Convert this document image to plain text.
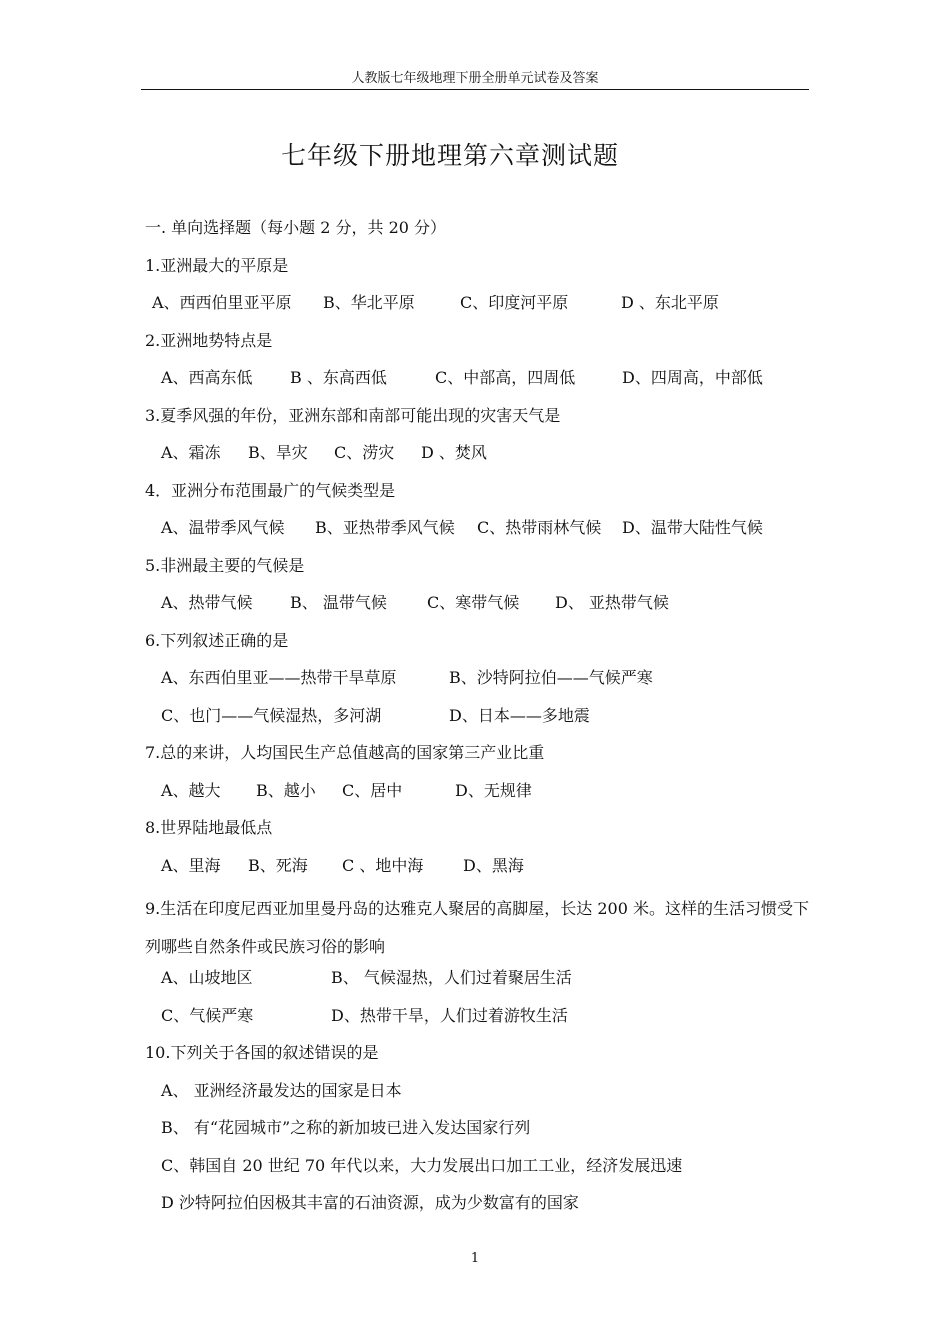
人教版七年级地理下册全册单元试卷及答案
七年级下册地理第六章测试题
一. 单向选择题（每小题 2 分，共 20 分）
1.亚洲最大的平原是
A、西西伯里亚平原 B、华北平原	C、印度河平原	D 、东北平原
2.亚洲地势特点是
A、西高东低 B 、东高西低	C、中部高，四周低	D、四周高，中部低
3.夏季风强的年份，亚洲东部和南部可能出现的灾害天气是
A、霜冻 B、旱灾 C、涝灾 D 、焚风
4．亚洲分布范围最广的气候类型是
A、温带季风气候 B、亚热带季风气候 C、热带雨林气候 D、温带大陆性气候
5.非洲最主要的气候是
A、热带气候 B、 温带气候	C、寒带气候 D、 亚热带气候
6.下列叙述正确的是
A、东西伯里亚——热带干旱草原	B、沙特阿拉伯——气候严寒
C、也门——气候湿热，多河湖	D、日本——多地震
7.总的来讲，人均国民生产总值越高的国家第三产业比重
A、越大 B、越小 C、居中	D、无规律
8.世界陆地最低点
A、里海 B、死海 C 、地中海 D、黑海
9.生活在印度尼西亚加里曼丹岛的达雅克人聚居的高脚屋，长达 200 米。这样的生活习惯受下列哪些自然条件或民族习俗的影响
A、山坡地区	B、 气候湿热，人们过着聚居生活
C、气候严寒	D、热带干旱，人们过着游牧生活
10.下列关于各国的叙述错误的是
A、 亚洲经济最发达的国家是日本
B、 有“花园城市”之称的新加坡已进入发达国家行列
C、韩国自 20 世纪 70 年代以来，大力发展出口加工工业，经济发展迅速
D 沙特阿拉伯因极其丰富的石油资源，成为少数富有的国家
1
